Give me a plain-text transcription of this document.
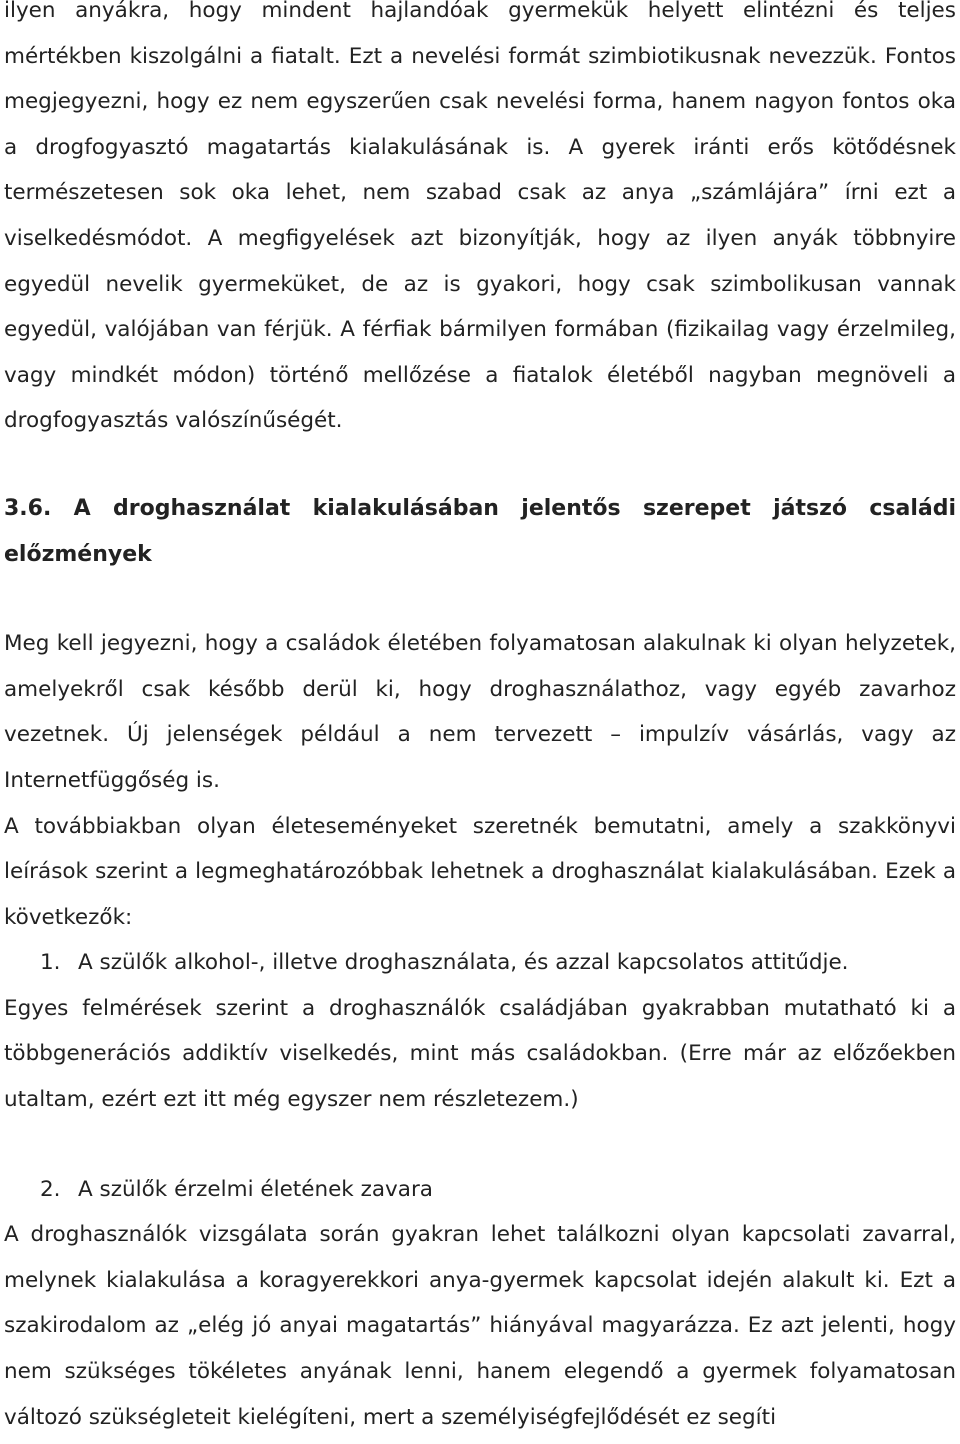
ilyen anyákra, hogy mindent hajlandóak gyermekük helyett elintézni és teljes mértékben kiszolgálni a fiatalt. Ezt a nevelési formát szimbiotikusnak nevezzük. Fontos megjegyezni, hogy ez nem egyszerűen csak nevelési forma, hanem nagyon fontos oka a drogfogyasztó magatartás kialakulásának is. A gyerek iránti erős kötődésnek természetesen sok oka lehet, nem szabad csak az anya „számlájára” írni ezt a viselkedésmódot. A megfigyelések azt bizonyítják, hogy az ilyen anyák többnyire egyedül nevelik gyermeküket, de az is gyakori, hogy csak szimbolikusan vannak egyedül, valójában van férjük. A férfiak bármilyen formában (fizikailag vagy érzelmileg, vagy mindkét módon) történő mellőzése a fiatalok életéből nagyban megnöveli a drogfogyasztás valószínűségét.

3.6. A droghasználat kialakulásában jelentős szerepet játszó családi előzmények

Meg kell jegyezni, hogy a családok életében folyamatosan alakulnak ki olyan helyzetek, amelyekről csak később derül ki, hogy droghasználathoz, vagy egyéb zavarhoz vezetnek. Új jelenségek például a nem tervezett – impulzív vásárlás, vagy az Internetfüggőség is.

A továbbiakban olyan életeseményeket szeretnék bemutatni, amely a szakkönyvi leírások szerint a legmeghatározóbbak lehetnek a droghasználat kialakulásában. Ezek a következők:

1. A szülők alkohol-, illetve droghasználata, és azzal kapcsolatos attitűdje.

Egyes felmérések szerint a droghasználók családjában gyakrabban mutatható ki a többgenerációs addiktív viselkedés, mint más családokban. (Erre már az előzőekben utaltam, ezért ezt itt még egyszer nem részletezem.)

2. A szülők érzelmi életének zavara

A droghasználók vizsgálata során gyakran lehet találkozni olyan kapcsolati zavarral, melynek kialakulása a koragyerekkori anya-gyermek kapcsolat idején alakult ki. Ezt a szakirodalom az „elég jó anyai magatartás” hiányával magyarázza. Ez azt jelenti, hogy nem szükséges tökéletes anyának lenni, hanem elegendő a gyermek folyamatosan változó szükségleteit kielégíteni, mert a személyiségfejlődését ez segíti
